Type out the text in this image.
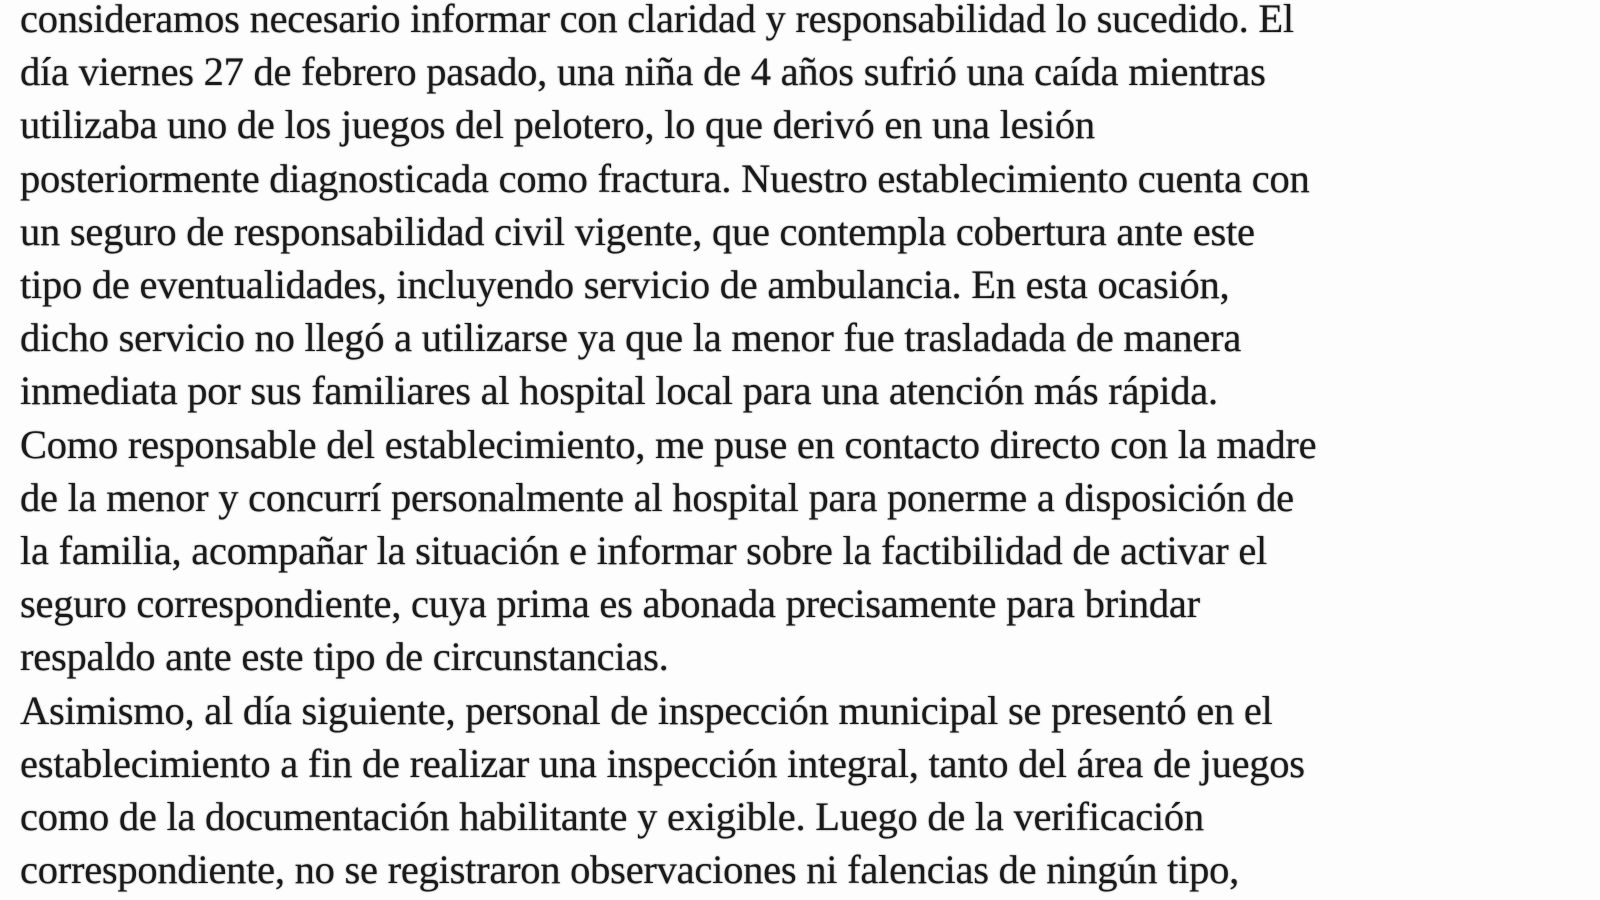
consideramos necesario informar con claridad y responsabilidad lo sucedido. El
día viernes 27 de febrero pasado, una niña de 4 años sufrió una caída mientras
utilizaba uno de los juegos del pelotero, lo que derivó en una lesión
posteriormente diagnosticada como fractura. Nuestro establecimiento cuenta con
un seguro de responsabilidad civil vigente, que contempla cobertura ante este
tipo de eventualidades, incluyendo servicio de ambulancia. En esta ocasión,
dicho servicio no llegó a utilizarse ya que la menor fue trasladada de manera
inmediata por sus familiares al hospital local para una atención más rápida.
Como responsable del establecimiento, me puse en contacto directo con la madre
de la menor y concurrí personalmente al hospital para ponerme a disposición de
la familia, acompañar la situación e informar sobre la factibilidad de activar el
seguro correspondiente, cuya prima es abonada precisamente para brindar
respaldo ante este tipo de circunstancias.
Asimismo, al día siguiente, personal de inspección municipal se presentó en el
establecimiento a fin de realizar una inspección integral, tanto del área de juegos
como de la documentación habilitante y exigible. Luego de la verificación
correspondiente, no se registraron observaciones ni falencias de ningún tipo,
